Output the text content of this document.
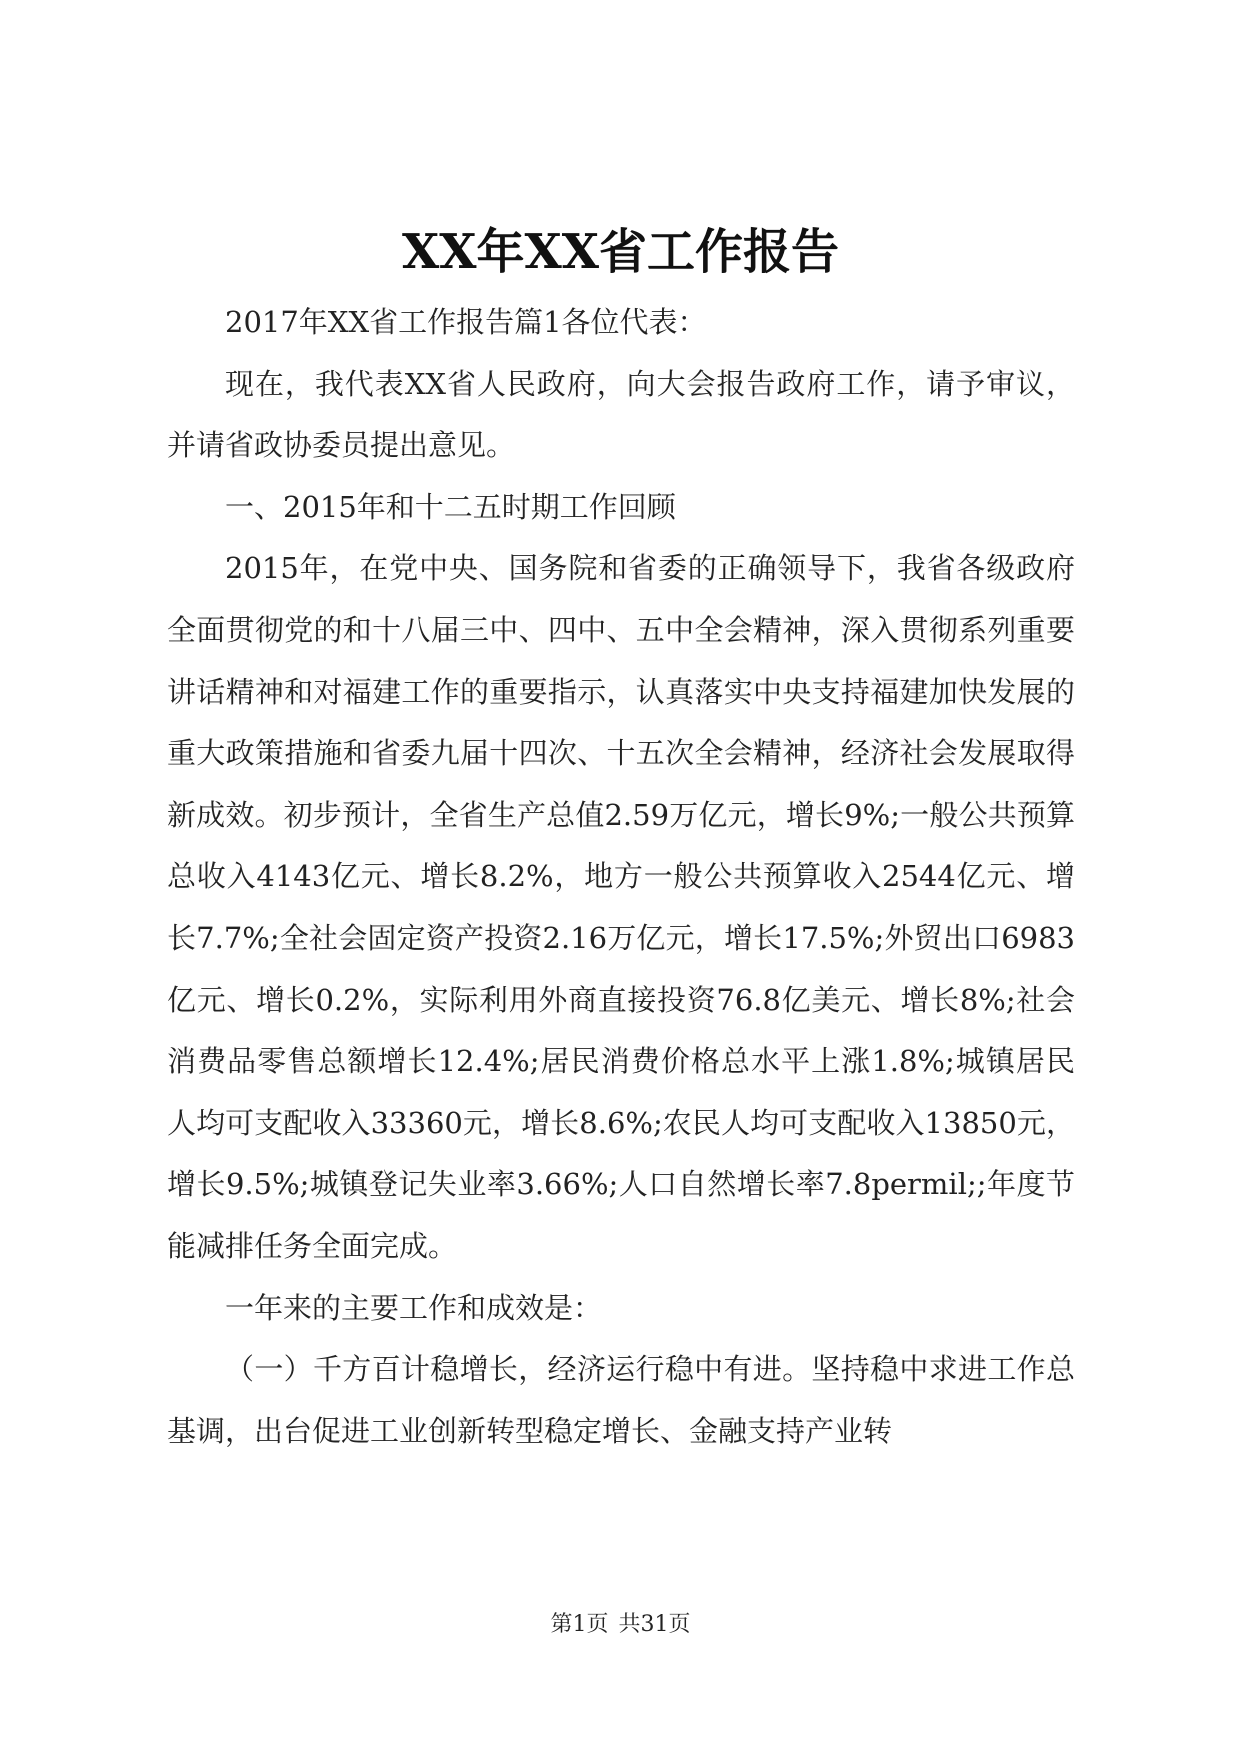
XX年XX省工作报告

2017年XX省工作报告篇1各位代表：

现在，我代表XX省人民政府，向大会报告政府工作，请予审议，并请省政协委员提出意见。

一、2015年和十二五时期工作回顾

2015年，在党中央、国务院和省委的正确领导下，我省各级政府全面贯彻党的和十八届三中、四中、五中全会精神，深入贯彻系列重要讲话精神和对福建工作的重要指示，认真落实中央支持福建加快发展的重大政策措施和省委九届十四次、十五次全会精神，经济社会发展取得新成效。初步预计，全省生产总值2.59万亿元，增长9%;一般公共预算总收入4143亿元、增长8.2%，地方一般公共预算收入2544亿元、增长7.7%;全社会固定资产投资2.16万亿元，增长17.5%;外贸出口6983亿元、增长0.2%，实际利用外商直接投资76.8亿美元、增长8%;社会消费品零售总额增长12.4%;居民消费价格总水平上涨1.8%;城镇居民人均可支配收入33360元，增长8.6%;农民人均可支配收入13850元，增长9.5%;城镇登记失业率3.66%;人口自然增长率7.8permil;;年度节能减排任务全面完成。

一年来的主要工作和成效是：

（一）千方百计稳增长，经济运行稳中有进。坚持稳中求进工作总基调，出台促进工业创新转型稳定增长、金融支持产业转

第1页 共31页
